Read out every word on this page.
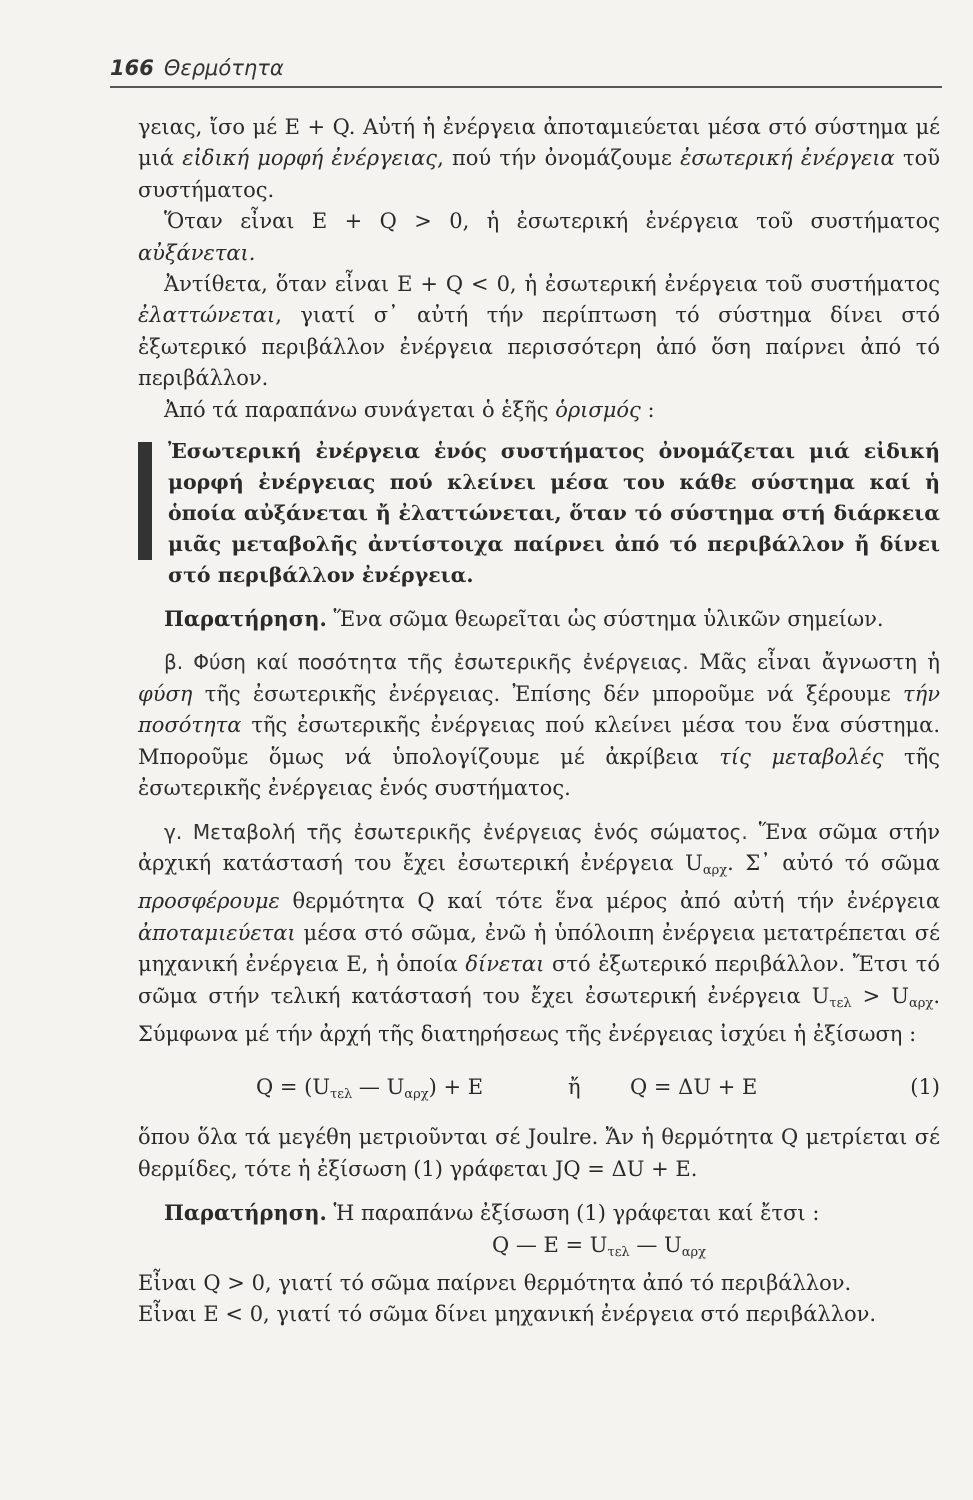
166 Θερμότητα

γειας, ἴσο μέ Ε + Q. Αὐτή ἡ ἐνέργεια ἀποταμιεύεται μέσα στό σύστημα μέ μιά εἰδική μορφή ἐνέργειας, πού τήν ὀνομάζουμε ἐσωτερική ἐνέργεια τοῦ συστήματος.

Ὅταν εἶναι Ε + Q > 0, ἡ ἐσωτερική ἐνέργεια τοῦ συστήματος αὐξάνεται.

Ἀντίθετα, ὅταν εἶναι Ε + Q < 0, ἡ ἐσωτερική ἐνέργεια τοῦ συστήματος ἐλαττώνεται, γιατί σ᾽ αὐτή τήν περίπτωση τό σύστημα δίνει στό ἐξωτερικό περιβάλλον ἐνέργεια περισσότερη ἀπό ὅση παίρνει ἀπό τό περιβάλλον.

Ἀπό τά παραπάνω συνάγεται ὁ ἑξῆς ὁρισμός :

Ἐσωτερική ἐνέργεια ἑνός συστήματος ὀνομάζεται μιά εἰδική μορφή ἐνέργειας πού κλείνει μέσα του κάθε σύστημα καί ἡ ὁποία αὐξάνεται ἤ ἐλαττώνεται, ὅταν τό σύστημα στή διάρκεια μιᾶς μεταβολῆς ἀντίστοιχα παίρνει ἀπό τό περιβάλλον ἤ δίνει στό περιβάλλον ἐνέργεια.

Παρατήρηση. Ἕνα σῶμα θεωρεῖται ὡς σύστημα ὑλικῶν σημείων.

β. Φύση καί ποσότητα τῆς ἐσωτερικῆς ἐνέργειας. Μᾶς εἶναι ἄγνωστη ἡ φύση τῆς ἐσωτερικῆς ἐνέργειας. Ἐπίσης δέν μποροῦμε νά ξέρουμε τήν ποσότητα τῆς ἐσωτερικῆς ἐνέργειας πού κλείνει μέσα του ἕνα σύστημα. Μποροῦμε ὅμως νά ὑπολογίζουμε μέ ἀκρίβεια τίς μεταβολές τῆς ἐσωτερικῆς ἐνέργειας ἑνός συστήματος.

γ. Μεταβολή τῆς ἐσωτερικῆς ἐνέργειας ἑνός σώματος. Ἕνα σῶμα στήν ἀρχική κατάστασή του ἔχει ἐσωτερική ἐνέργεια $U_{\alpha\rho\chi}$. Σ᾽ αὐτό τό σῶμα προσφέρουμε θερμότητα Q καί τότε ἕνα μέρος ἀπό αὐτή τήν ἐνέργεια ἀποταμιεύεται μέσα στό σῶμα, ἐνῶ ἡ ὑπόλοιπη ἐνέργεια μετατρέπεται σέ μηχανική ἐνέργεια Ε, ἡ ὁποία δίνεται στό ἐξωτερικό περιβάλλον. Ἔτσι τό σῶμα στήν τελική κατάστασή του ἔχει ἐσωτερική ἐνέργεια $U_{\tau\varepsilon\lambda} > U_{\alpha\rho\chi}$. Σύμφωνα μέ τήν ἀρχή τῆς διατηρήσεως τῆς ἐνέργειας ἰσχύει ἡ ἐξίσωση :

$Q = (U_{\tau\varepsilon\lambda}$ — $U_{\alpha\rho\chi}) + E$	ἤ Q = ΔU + E	(1)

ὅπου ὅλα τά μεγέθη μετριοῦνται σέ Joulre. Ἄν ἡ θερμότητα Q μετρίεται σέ θερμίδες, τότε ἡ ἐξίσωση (1) γράφεται JQ = ΔU + E.

Παρατήρηση. Ἡ παραπάνω ἐξίσωση (1) γράφεται καί ἔτσι :

Q — $E = U_{\tau\varepsilon\lambda}$ — $U_{\alpha\rho\chi}$

Εἶναι Q > 0, γιατί τό σῶμα παίρνει θερμότητα ἀπό τό περιβάλλον.

Εἶναι Ε < 0, γιατί τό σῶμα δίνει μηχανική ἐνέργεια στό περιβάλλον.
